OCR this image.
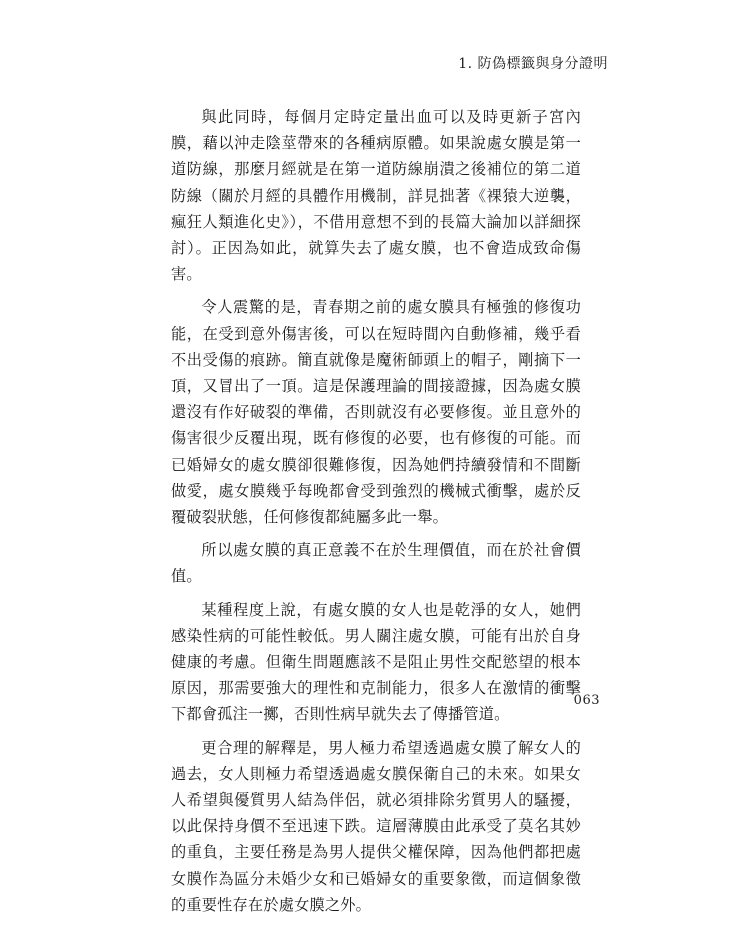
1. 防偽標籤與身分證明

與此同時，每個月定時定量出血可以及時更新子宮內膜，藉以沖走陰莖帶來的各種病原體。如果說處女膜是第一道防線，那麼月經就是在第一道防線崩潰之後補位的第二道防線（關於月經的具體作用機制，詳見拙著《裸猿大逆襲，瘋狂人類進化史》），不借用意想不到的長篇大論加以詳細探討）。正因為如此，就算失去了處女膜，也不會造成致命傷害。

令人震驚的是，青春期之前的處女膜具有極強的修復功能，在受到意外傷害後，可以在短時間內自動修補，幾乎看不出受傷的痕跡。簡直就像是魔術師頭上的帽子，剛摘下一頂，又冒出了一頂。這是保護理論的間接證據，因為處女膜還沒有作好破裂的準備，否則就沒有必要修復。並且意外的傷害很少反覆出現，既有修復的必要，也有修復的可能。而已婚婦女的處女膜卻很難修復，因為她們持續發情和不間斷做愛，處女膜幾乎每晚都會受到強烈的機械式衝擊，處於反覆破裂狀態，任何修復都純屬多此一舉。

所以處女膜的真正意義不在於生理價值，而在於社會價值。

某種程度上說，有處女膜的女人也是乾淨的女人，她們感染性病的可能性較低。男人關注處女膜，可能有出於自身健康的考慮。但衛生問題應該不是阻止男性交配慾望的根本原因，那需要強大的理性和克制能力，很多人在激情的衝擊下都會孤注一擲，否則性病早就失去了傳播管道。

更合理的解釋是，男人極力希望透過處女膜了解女人的過去，女人則極力希望透過處女膜保衛自己的未來。如果女人希望與優質男人結為伴侶，就必須排除劣質男人的騷擾，以此保持身價不至迅速下跌。這層薄膜由此承受了莫名其妙的重負，主要任務是為男人提供父權保障，因為他們都把處女膜作為區分未婚少女和已婚婦女的重要象徵，而這個象徵的重要性存在於處女膜之外。

063
